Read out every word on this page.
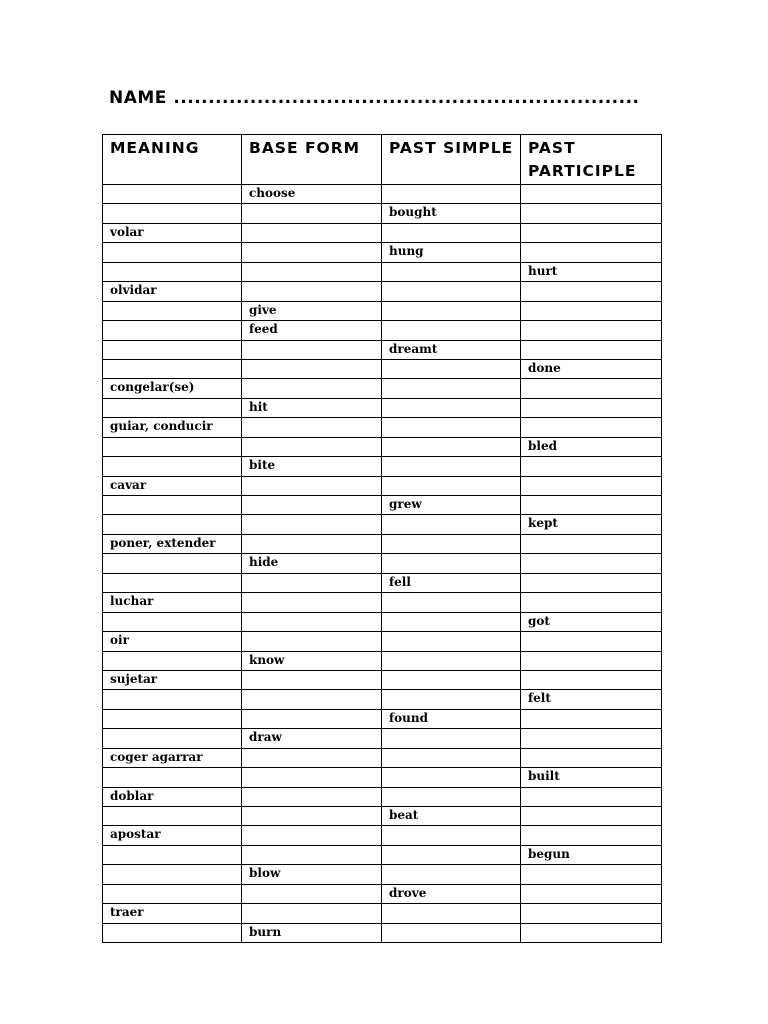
NAME ...................................................................
MEANING	BASE FORM	PAST SIMPLE	PAST PARTICIPLE
	choose		
		bought	
volar			
		hung	
			hurt
olvidar			
	give		
	feed		
		dreamt	
			done
congelar(se)			
	hit		
guiar, conducir			
			bled
	bite		
cavar			
		grew	
			kept
poner, extender			
	hide		
		fell	
luchar			
			got
oir			
	know		
sujetar			
			felt
		found	
	draw		
coger agarrar			
			built
doblar			
		beat	
apostar			
			begun
	blow		
		drove	
traer			
	burn		
